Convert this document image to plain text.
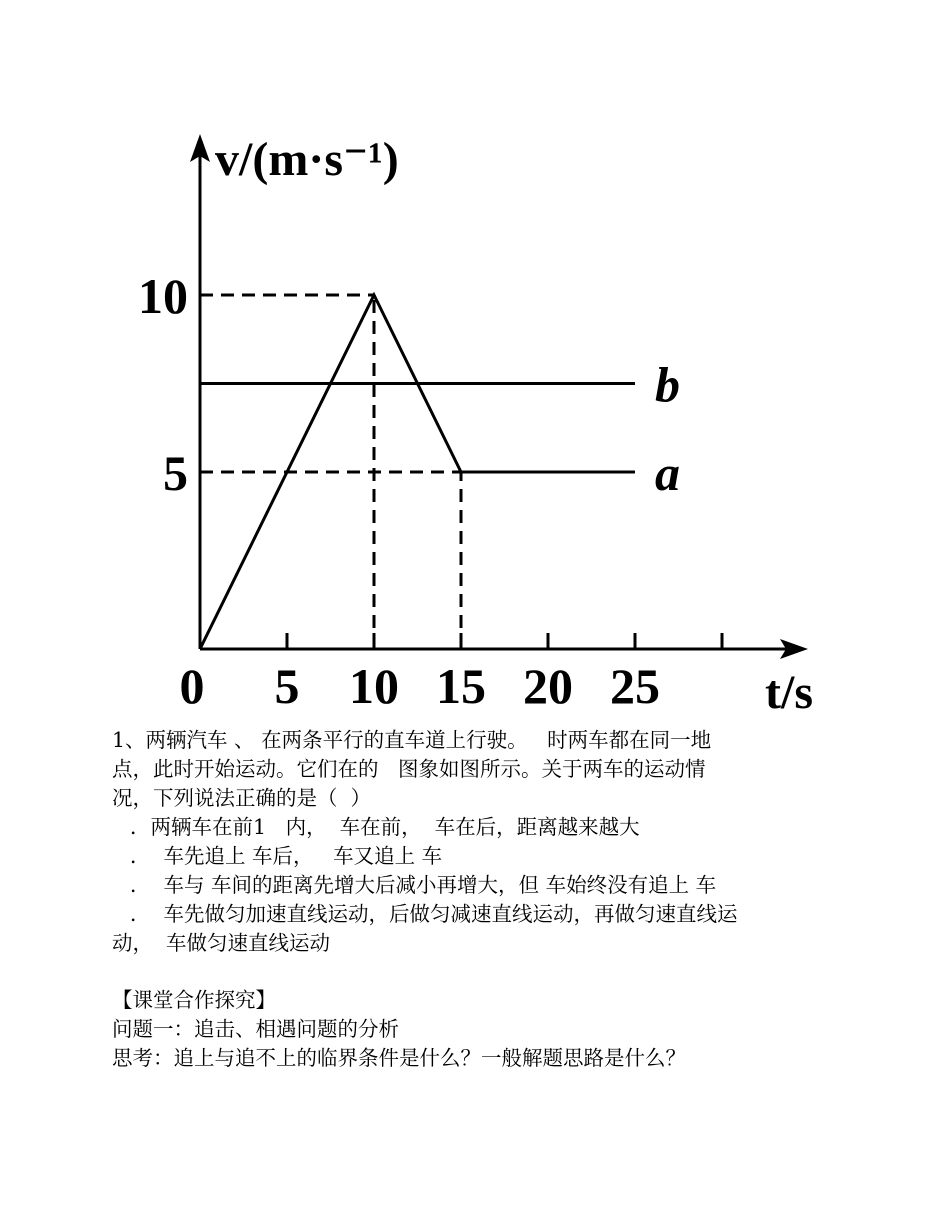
a
b
0 5 10 15 20 25
10
5
v/(m·s⁻¹)
t/s
1、两辆汽车 、 在两条平行的直车道上行驶。   时两车都在同一地
点，此时开始运动。它们在的   图象如图所示。关于两车的运动情
况，下列说法正确的是（  ）
．两辆车在前1   内，  车在前，  车在后，距离越来越大
．  车先追上 车后，   车又追上 车
．  车与 车间的距离先增大后减小再增大，但 车始终没有追上 车
．  车先做匀加速直线运动，后做匀减速直线运动，再做匀速直线运
动，  车做匀速直线运动
【课堂合作探究】
问题一：追击、相遇问题的分析
思考：追上与追不上的临界条件是什么？一般解题思路是什么？
